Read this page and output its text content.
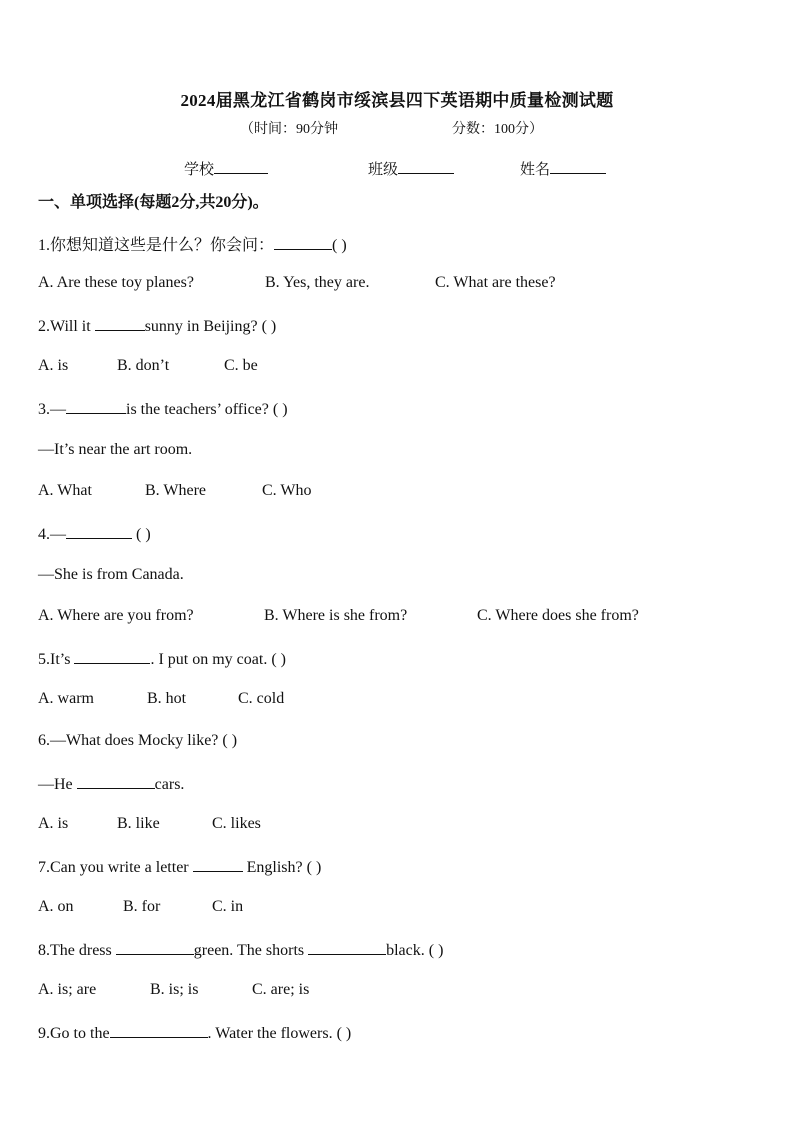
2024届黑龙江省鹤岗市绥滨县四下英语期中质量检测试题
（时间：90分钟	分数：100分）
学校	班级	姓名
一、单项选择(每题2分,共20分)。
1.你想知道这些是什么？你会问：	( )
A. Are these toy planes?	B. Yes, they are.	C. What are these?
2.Will it	sunny in Beijing? ( )
A. is	B. don’t	C. be
3.—	is the teachers’ office? ( )
—It’s near the art room.
A. What	B. Where	C. Who
4.—	( )
—She is from Canada.
A. Where are you from?	B. Where is she from?	C. Where does she from?
5.It’s	. I put on my coat. ( )
A. warm	B. hot	C. cold
6.—What does Mocky like? ( )
—He	cars.
A. is	B. like	C. likes
7.Can you write a letter	English? ( )
A. on	B. for	C. in
8.The dress	green. The shorts	black. ( )
A. is; are	B. is; is	C. are; is
9.Go to the	. Water the flowers. ( )
